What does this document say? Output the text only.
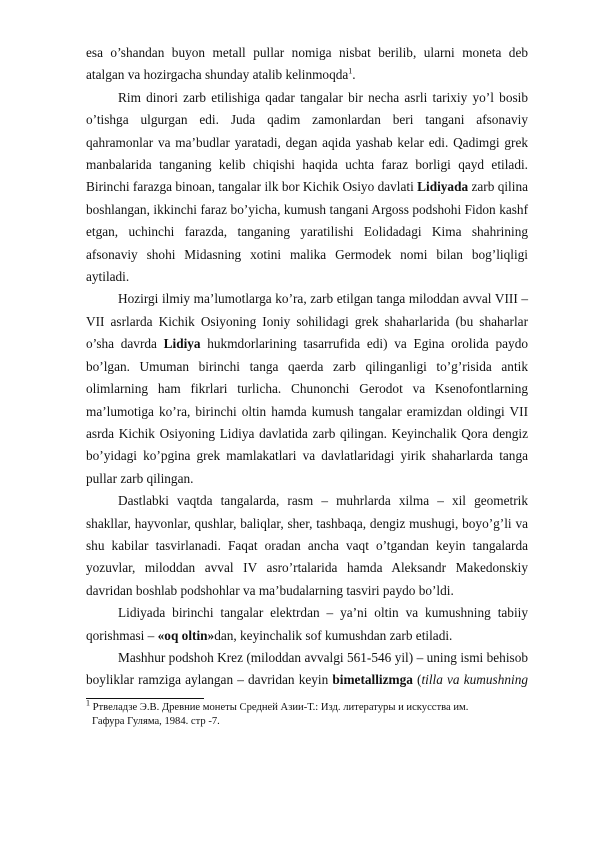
esa o’shandan buyon metall pullar nomiga nisbat berilib, ularni moneta deb atalgan va hozirgacha shunday atalib kelinmoqda$^1$.

Rim dinori zarb etilishiga qadar tangalar bir necha asrli tarixiy yo’l bosib o’tishga ulgurgan edi. Juda qadim zamonlardan beri tangani afsonaviy qahramonlar va ma’budlar yaratadi, degan aqida yashab kelar edi. Qadimgi grek manbalarida tanganing kelib chiqishi haqida uchta faraz borligi qayd etiladi. Birinchi farazga binoan, tangalar ilk bor Kichik Osiyo davlati Lidiyada zarb qilina boshlangan, ikkinchi faraz bo’yicha, kumush tangani Argoss podshohi Fidon kashf etgan, uchinchi farazda, tanganing yaratilishi Eolidadagi Kima shahrining afsonaviy shohi Midasning xotini malika Germodek nomi bilan bog’liqligi aytiladi.

Hozirgi ilmiy ma’lumotlarga ko’ra, zarb etilgan tanga miloddan avval VIII – VII asrlarda Kichik Osiyoning Ioniy sohilidagi grek shaharlarida (bu shaharlar o’sha davrda Lidiya hukmdorlarining tasarrufida edi) va Egina orolida paydo bo’lgan. Umuman birinchi tanga qaerda zarb qilinganligi to’g’risida antik olimlarning ham fikrlari turlicha. Chunonchi Gerodot va Ksenofontlarning ma’lumotiga ko’ra, birinchi oltin hamda kumush tangalar eramizdan oldingi VII asrda Kichik Osiyoning Lidiya davlatida zarb qilingan. Keyinchalik Qora dengiz bo’yidagi ko’pgina grek mamlakatlari va davlatlaridagi yirik shaharlarda tanga pullar zarb qilingan.

Dastlabki vaqtda tangalarda, rasm – muhrlarda xilma – xil geometrik shakllar, hayvonlar, qushlar, baliqlar, sher, tashbaqa, dengiz mushugi, boyo’g’li va shu kabilar tasvirlanadi. Faqat oradan ancha vaqt o’tgandan keyin tangalarda yozuvlar, miloddan avval IV asro’rtalarida hamda Aleksandr Makedonskiy davridan boshlab podshohlar va ma’budalarning tasviri paydo bo’ldi.

Lidiyada birinchi tangalar elektrdan – ya’ni oltin va kumushning tabiiy qorishmasi – «oq oltin»dan, keyinchalik sof kumushdan zarb etiladi.

Mashhur podshoh Krez (miloddan avvalgi 561-546 yil) – uning ismi behisob boyliklar ramziga aylangan – davridan keyin bimetallizmga (tilla va kumushning

$^1$ Ртвеладзе Э.В. Древние монеты Средней Азии-Т.: Изд. литературы и искусства им.
Гафура Гуляма, 1984. стр -7.
